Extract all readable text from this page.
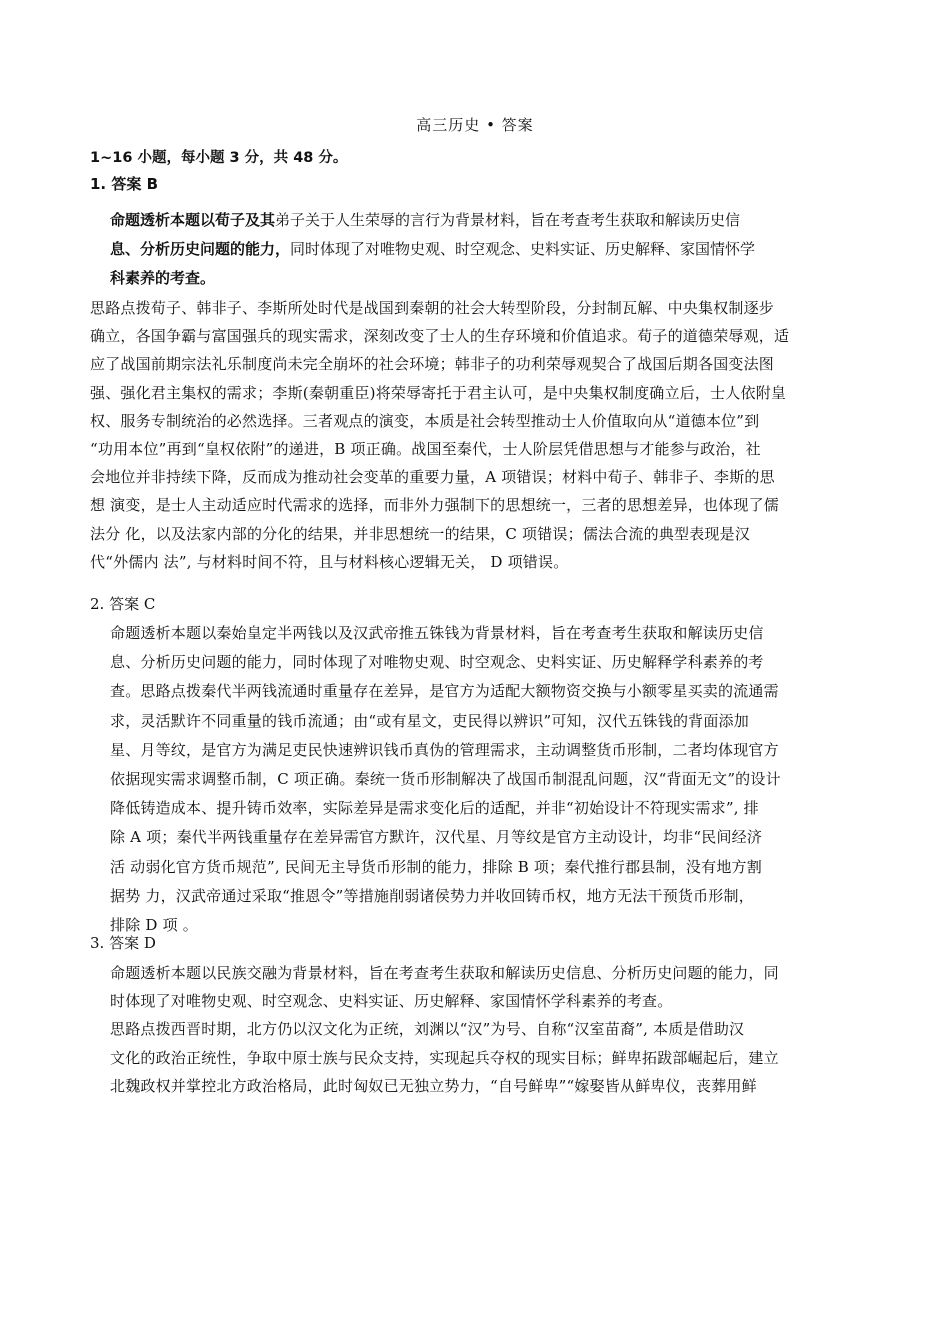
高三历史 • 答案
1~16 小题，每小题 3 分，共 48 分。
1. 答案 B
命题透析本题以荀子及其弟子关于人生荣辱的言行为背景材料，旨在考查考生获取和解读历史信
息、分析历史问题的能力，同时体现了对唯物史观、时空观念、史料实证、历史解释、家国情怀学
科素养的考查。
思路点拨荀子、韩非子、李斯所处时代是战国到秦朝的社会大转型阶段，分封制瓦解、中央集权制逐步
确立，各国争霸与富国强兵的现实需求，深刻改变了士人的生存环境和价值追求。荀子的道德荣辱观，适
应了战国前期宗法礼乐制度尚未完全崩坏的社会环境；韩非子的功利荣辱观契合了战国后期各国变法图
强、强化君主集权的需求；李斯(秦朝重臣)将荣辱寄托于君主认可，是中央集权制度确立后，士人依附皇
权、服务专制统治的必然选择。三者观点的演变，本质是社会转型推动士人价值取向从“道德本位”到
“功用本位”再到“皇权依附”的递进，B 项正确。战国至秦代，士人阶层凭借思想与才能参与政治，社
会地位并非持续下降，反而成为推动社会变革的重要力量，A 项错误；材料中荀子、韩非子、李斯的思
想 演变，是士人主动适应时代需求的选择，而非外力强制下的思想统一，三者的思想差异，也体现了儒
法分 化，以及法家内部的分化的结果，并非思想统一的结果，C 项错误；儒法合流的典型表现是汉
代“外儒内 法”, 与材料时间不符，且与材料核心逻辑无关， D 项错误。
2. 答案 C
命题透析本题以秦始皇定半两钱以及汉武帝推五铢钱为背景材料，旨在考查考生获取和解读历史信
息、分析历史问题的能力，同时体现了对唯物史观、时空观念、史料实证、历史解释学科素养的考
查。思路点拨秦代半两钱流通时重量存在差异，是官方为适配大额物资交换与小额零星买卖的流通需
求，灵活默许不同重量的钱币流通；由“或有星文，吏民得以辨识”可知，汉代五铢钱的背面添加
星、月等纹，是官方为满足吏民快速辨识钱币真伪的管理需求，主动调整货币形制，二者均体现官方
依据现实需求调整币制，C 项正确。秦统一货币形制解决了战国币制混乱问题，汉“背面无文”的设计
降低铸造成本、提升铸币效率，实际差异是需求变化后的适配，并非“初始设计不符现实需求”, 排
除 A 项；秦代半两钱重量存在差异需官方默许，汉代星、月等纹是官方主动设计，均非“民间经济
活 动弱化官方货币规范”, 民间无主导货币形制的能力，排除 B 项；秦代推行郡县制，没有地方割
据势 力，汉武帝通过采取“推恩令”等措施削弱诸侯势力并收回铸币权，地方无法干预货币形制，
排除 D 项 。
3. 答案 D
命题透析本题以民族交融为背景材料，旨在考查考生获取和解读历史信息、分析历史问题的能力，同
时体现了对唯物史观、时空观念、史料实证、历史解释、家国情怀学科素养的考查。
思路点拨西晋时期，北方仍以汉文化为正统，刘渊以“汉”为号、自称“汉室苗裔”, 本质是借助汉
文化的政治正统性，争取中原士族与民众支持，实现起兵夺权的现实目标；鲜卑拓跋部崛起后，建立
北魏政权并掌控北方政治格局，此时匈奴已无独立势力，“自号鲜卑”“嫁娶皆从鲜卑仪，丧葬用鲜
